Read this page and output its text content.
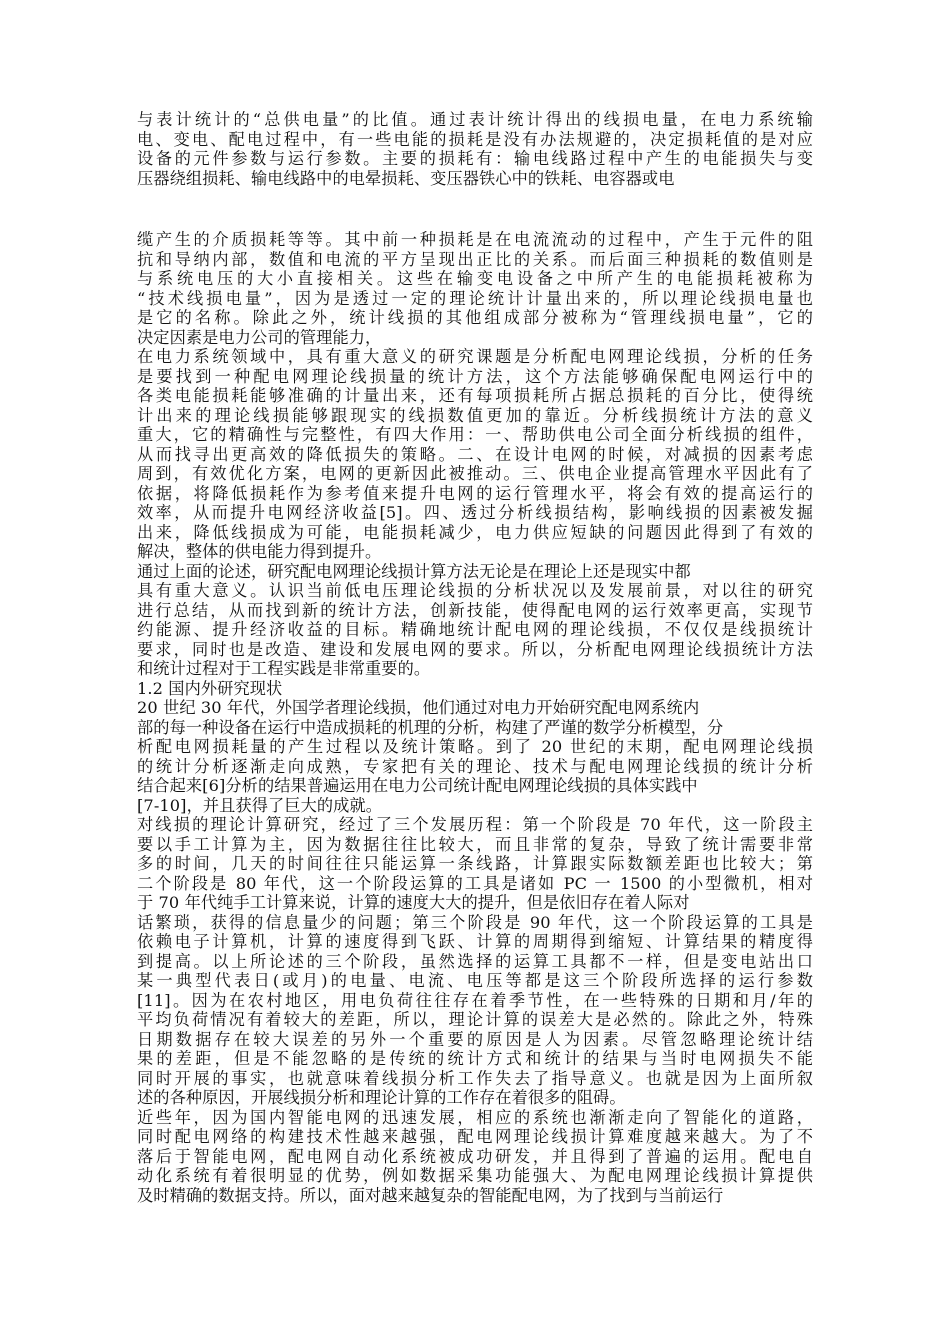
与表计统计的“总供电量”的比值。通过表计统计得出的线损电量，在电力系统输
电、变电、配电过程中，有一些电能的损耗是没有办法规避的，决定损耗值的是对应
设备的元件参数与运行参数。主要的损耗有：输电线路过程中产生的电能损失与变
压器绕组损耗、输电线路中的电晕损耗、变压器铁心中的铁耗、电容器或电
缆产生的介质损耗等等。其中前一种损耗是在电流流动的过程中，产生于元件的阻
抗和导纳内部，数值和电流的平方呈现出正比的关系。而后面三种损耗的数值则是
与系统电压的大小直接相关。这些在输变电设备之中所产生的电能损耗被称为
“技术线损电量”，因为是透过一定的理论统计计量出来的，所以理论线损电量也
是它的名称。除此之外，统计线损的其他组成部分被称为“管理线损电量”，它的
决定因素是电力公司的管理能力，
在电力系统领域中，具有重大意义的研究课题是分析配电网理论线损，分析的任务
是要找到一种配电网理论线损量的统计方法，这个方法能够确保配电网运行中的
各类电能损耗能够准确的计量出来，还有每项损耗所占据总损耗的百分比，使得统
计出来的理论线损能够跟现实的线损数值更加的靠近。分析线损统计方法的意义
重大，它的精确性与完整性，有四大作用：一、帮助供电公司全面分析线损的组件，
从而找寻出更高效的降低损失的策略。二、在设计电网的时候，对减损的因素考虑
周到，有效优化方案，电网的更新因此被推动。三、供电企业提高管理水平因此有了
依据，将降低损耗作为参考值来提升电网的运行管理水平，将会有效的提高运行的
效率，从而提升电网经济收益[5]。四、透过分析线损结构，影响线损的因素被发掘
出来，降低线损成为可能，电能损耗减少，电力供应短缺的问题因此得到了有效的
解决，整体的供电能力得到提升。
通过上面的论述，研究配电网理论线损计算方法无论是在理论上还是现实中都
具有重大意义。认识当前低电压理论线损的分析状况以及发展前景，对以往的研究
进行总结，从而找到新的统计方法，创新技能，使得配电网的运行效率更高，实现节
约能源、提升经济收益的目标。精确地统计配电网的理论线损，不仅仅是线损统计
要求，同时也是改造、建设和发展电网的要求。所以，分析配电网理论线损统计方法
和统计过程对于工程实践是非常重要的。
1.2 国内外研究现状
20 世纪 30 年代，外国学者理论线损，他们通过对电力开始研究配电网系统内
部的每一种设备在运行中造成损耗的机理的分析，构建了严谨的数学分析模型，分
析配电网损耗量的产生过程以及统计策略。到了 20 世纪的末期，配电网理论线损
的统计分析逐渐走向成熟，专家把有关的理论、技术与配电网理论线损的统计分析
结合起来[6]分析的结果普遍运用在电力公司统计配电网理论线损的具体实践中
[7-10]，并且获得了巨大的成就。
对线损的理论计算研究，经过了三个发展历程：第一个阶段是 70 年代，这一阶段主
要以手工计算为主，因为数据往往比较大，而且非常的复杂，导致了统计需要非常
多的时间，几天的时间往往只能运算一条线路，计算跟实际数额差距也比较大；第
二个阶段是 80 年代，这一个阶段运算的工具是诸如 PC 一 1500 的小型微机，相对
于 70 年代纯手工计算来说，计算的速度大大的提升，但是依旧存在着人际对
话繁琐，获得的信息量少的问题；第三个阶段是 90 年代，这一个阶段运算的工具是
依赖电子计算机，计算的速度得到飞跃、计算的周期得到缩短、计算结果的精度得
到提高。以上所论述的三个阶段，虽然选择的运算工具都不一样，但是变电站出口
某一典型代表日(或月)的电量、电流、电压等都是这三个阶段所选择的运行参数
[11]。因为在农村地区，用电负荷往往存在着季节性，在一些特殊的日期和月/年的
平均负荷情况有着较大的差距，所以，理论计算的误差大是必然的。除此之外，特殊
日期数据存在较大误差的另外一个重要的原因是人为因素。尽管忽略理论统计结
果的差距，但是不能忽略的是传统的统计方式和统计的结果与当时电网损失不能
同时开展的事实，也就意味着线损分析工作失去了指导意义。也就是因为上面所叙
述的各种原因，开展线损分析和理论计算的工作存在着很多的阻碍。
近些年，因为国内智能电网的迅速发展，相应的系统也渐渐走向了智能化的道路，
同时配电网络的构建技术性越来越强，配电网理论线损计算难度越来越大。为了不
落后于智能电网，配电网自动化系统被成功研发，并且得到了普遍的运用。配电自
动化系统有着很明显的优势，例如数据采集功能强大、为配电网理论线损计算提供
及时精确的数据支持。所以，面对越来越复杂的智能配电网，为了找到与当前运行
